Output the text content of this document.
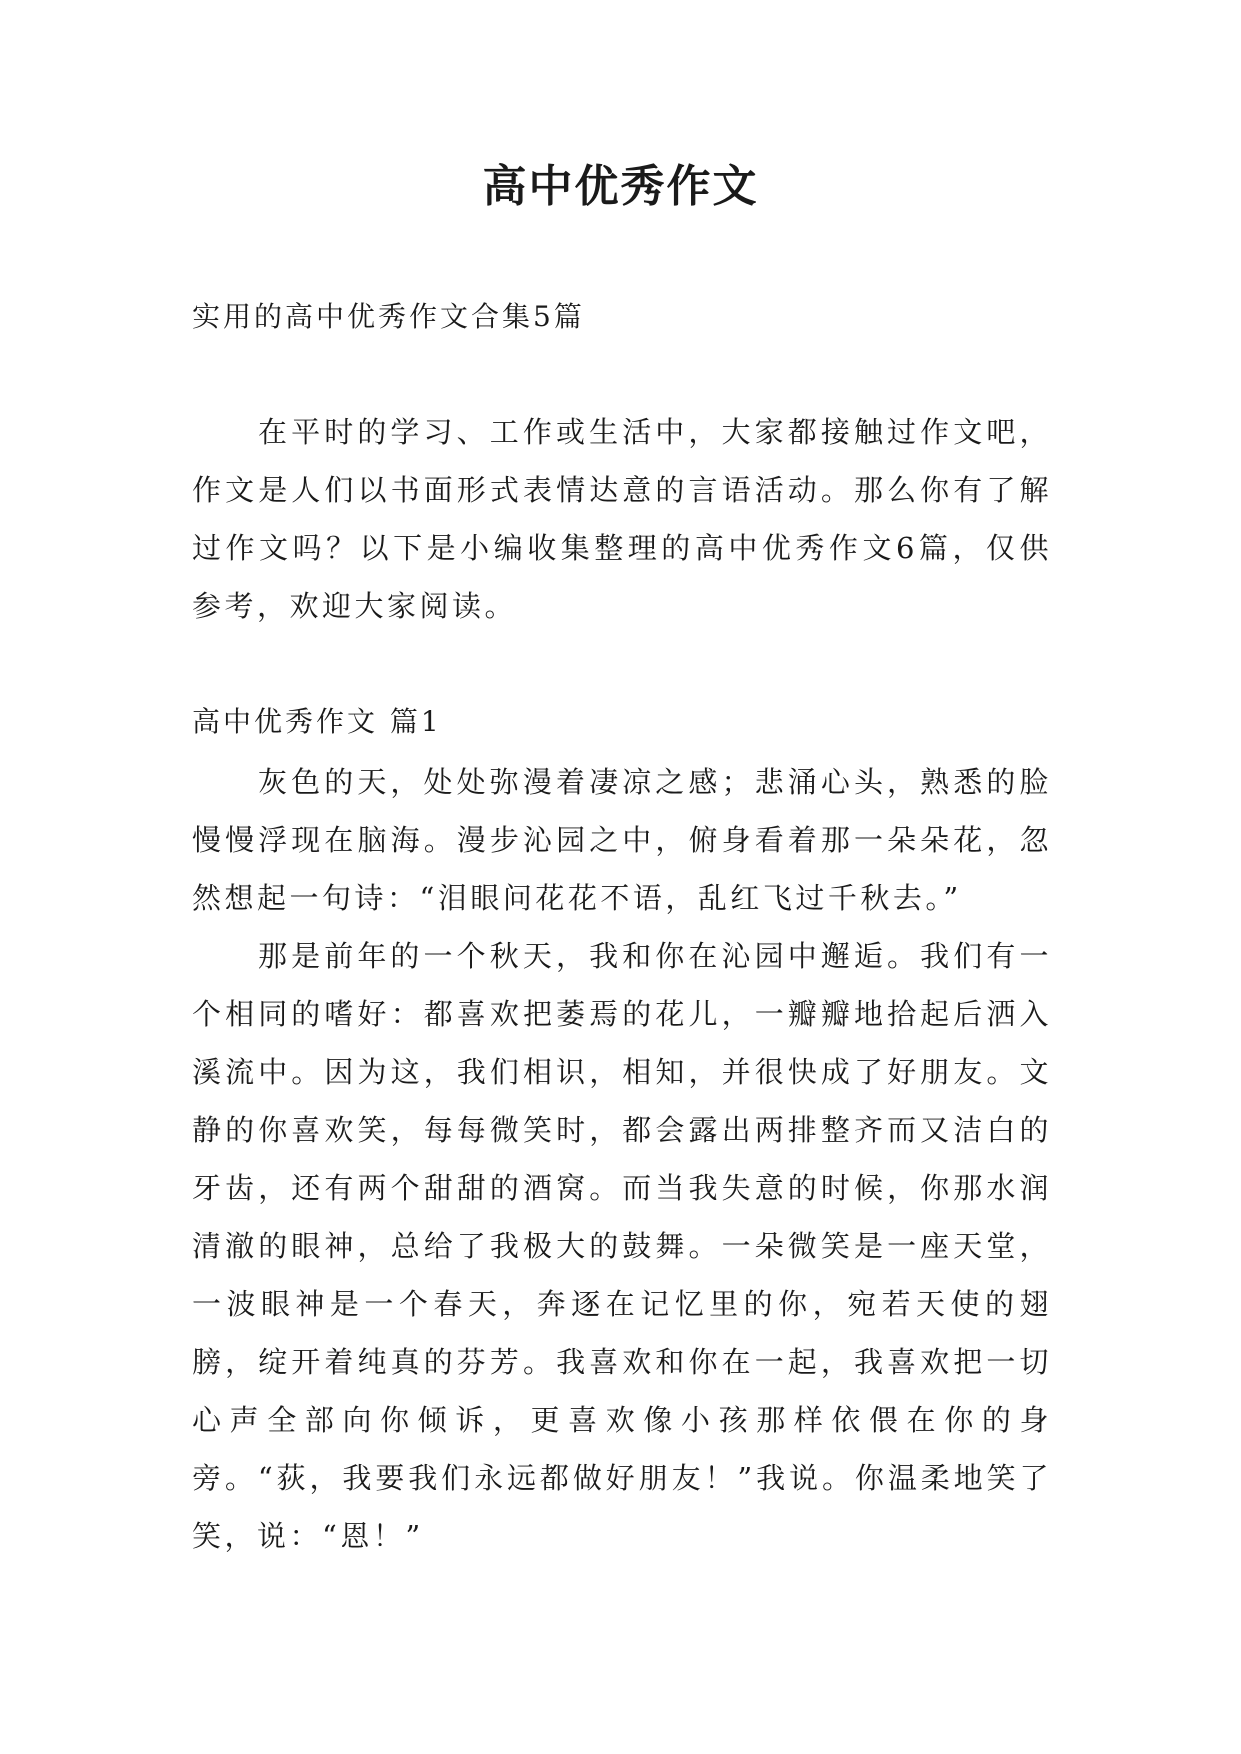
高中优秀作文

实用的高中优秀作文合集5篇

在平时的学习、工作或生活中，大家都接触过作文吧，作文是人们以书面形式表情达意的言语活动。那么你有了解过作文吗？以下是小编收集整理的高中优秀作文6篇，仅供参考，欢迎大家阅读。

高中优秀作文 篇1

灰色的天，处处弥漫着凄凉之感；悲涌心头，熟悉的脸慢慢浮现在脑海。漫步沁园之中，俯身看着那一朵朵花，忽然想起一句诗：“泪眼问花花不语，乱红飞过千秋去。”

那是前年的一个秋天，我和你在沁园中邂逅。我们有一个相同的嗜好：都喜欢把萎焉的花儿，一瓣瓣地拾起后洒入溪流中。因为这，我们相识，相知，并很快成了好朋友。文静的你喜欢笑，每每微笑时，都会露出两排整齐而又洁白的牙齿，还有两个甜甜的酒窝。而当我失意的时候，你那水润清澈的眼神，总给了我极大的鼓舞。一朵微笑是一座天堂，一波眼神是一个春天，奔逐在记忆里的你，宛若天使的翅膀，绽开着纯真的芬芳。我喜欢和你在一起，我喜欢把一切心声全部向你倾诉，更喜欢像小孩那样依偎在你的身旁。“荻，我要我们永远都做好朋友！”我说。你温柔地笑了笑，说：“恩！”
